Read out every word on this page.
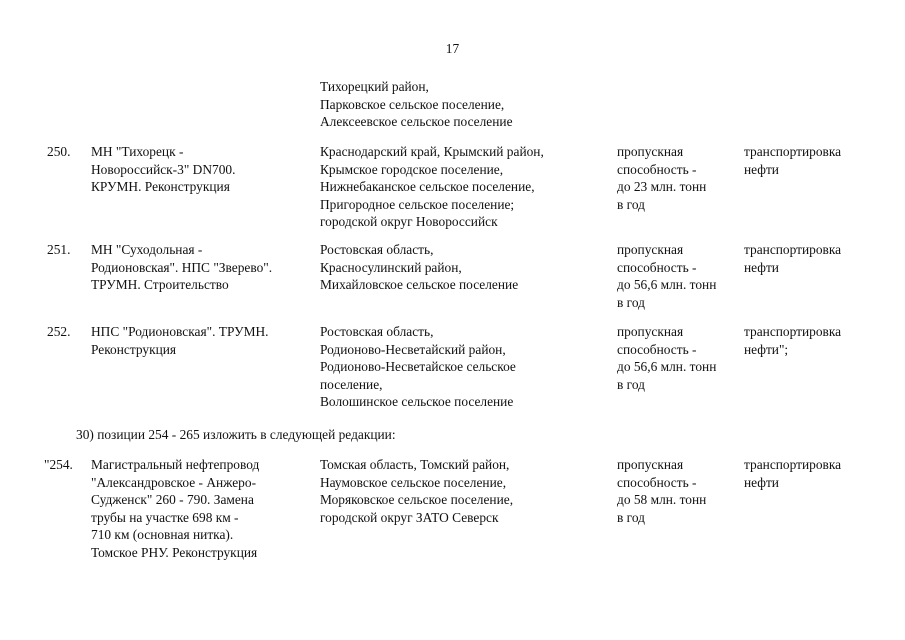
17
Тихорецкий район,
Парковское сельское поселение,
Алексеевское сельское поселение
250. МН "Тихорецк -
Новороссийск-3" DN700.
КРУМН. Реконструкция
Краснодарский край, Крымский район,
Крымское городское поселение,
Нижнебаканское сельское поселение,
Пригородное сельское поселение;
городской округ Новороссийск
пропускная
способность -
до 23 млн. тонн
в год
транспортировка
нефти
251. МН "Суходольная -
Родионовская". НПС "Зверево".
ТРУМН. Строительство
Ростовская область,
Красносулинский район,
Михайловское сельское поселение
пропускная
способность -
до 56,6 млн. тонн
в год
транспортировка
нефти
252. НПС "Родионовская". ТРУМН.
Реконструкция
Ростовская область,
Родионово-Несветайский район,
Родионово-Несветайское сельское
поселение,
Волошинское сельское поселение
пропускная
способность -
до 56,6 млн. тонн
в год
транспортировка
нефти";
30) позиции 254 - 265 изложить в следующей редакции:
"254. Магистральный нефтепровод
"Александровское - Анжеро-
Судженск" 260 - 790. Замена
трубы на участке 698 км -
710 км (основная нитка).
Томское РНУ. Реконструкция
Томская область, Томский район,
Наумовское сельское поселение,
Моряковское сельское поселение,
городской округ ЗАТО Северск
пропускная
способность -
до 58 млн. тонн
в год
транспортировка
нефти
